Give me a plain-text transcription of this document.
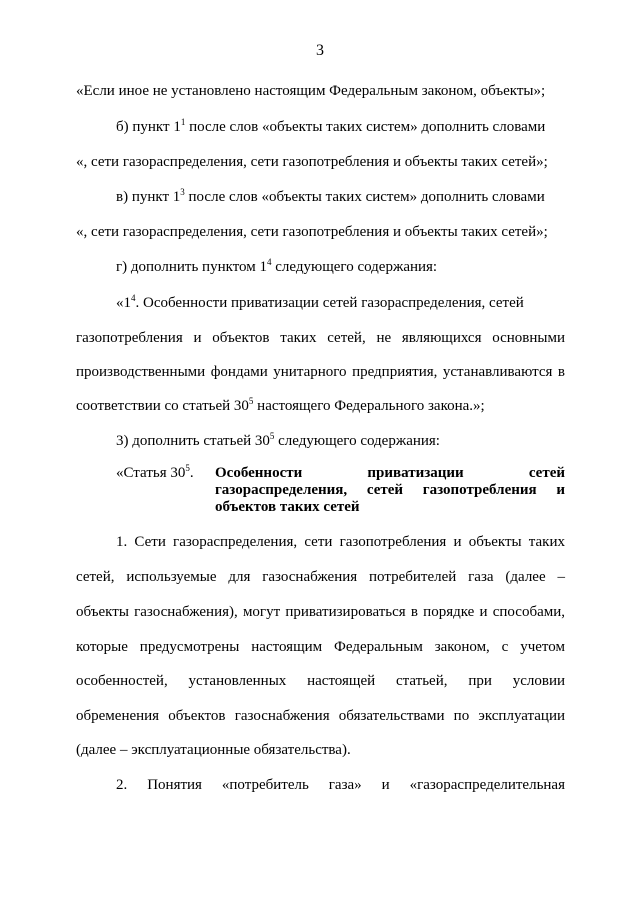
3
«Если иное не установлено настоящим Федеральным законом, объекты»;
б) пункт $1^1$ после слов «объекты таких систем» дополнить словами
«, сети газораспределения, сети газопотребления и объекты таких сетей»;
в) пункт $1^3$ после слов «объекты таких систем» дополнить словами
«, сети газораспределения, сети газопотребления и объекты таких сетей»;
г) дополнить пунктом $1^4$ следующего содержания:
«$1^4$. Особенности приватизации сетей газораспределения, сетей
газопотребления и объектов таких сетей, не являющихся основными
производственными фондами унитарного предприятия, устанавливаются в
соответствии со статьей $30^5$ настоящего Федерального закона.»;
3) дополнить статьей $30^5$ следующего содержания:
«Статья $30^5$. Особенности приватизации сетей
газораспределения, сетей газопотребления и
объектов таких сетей
1. Сети газораспределения, сети газопотребления и объекты таких
сетей, используемые для газоснабжения потребителей газа (далее –
объекты газоснабжения), могут приватизироваться в порядке и способами,
которые предусмотрены настоящим Федеральным законом, с учетом
особенностей, установленных настоящей статьей, при условии
обременения объектов газоснабжения обязательствами по эксплуатации
(далее – эксплуатационные обязательства).
2. Понятия «потребитель газа» и «газораспределительная
